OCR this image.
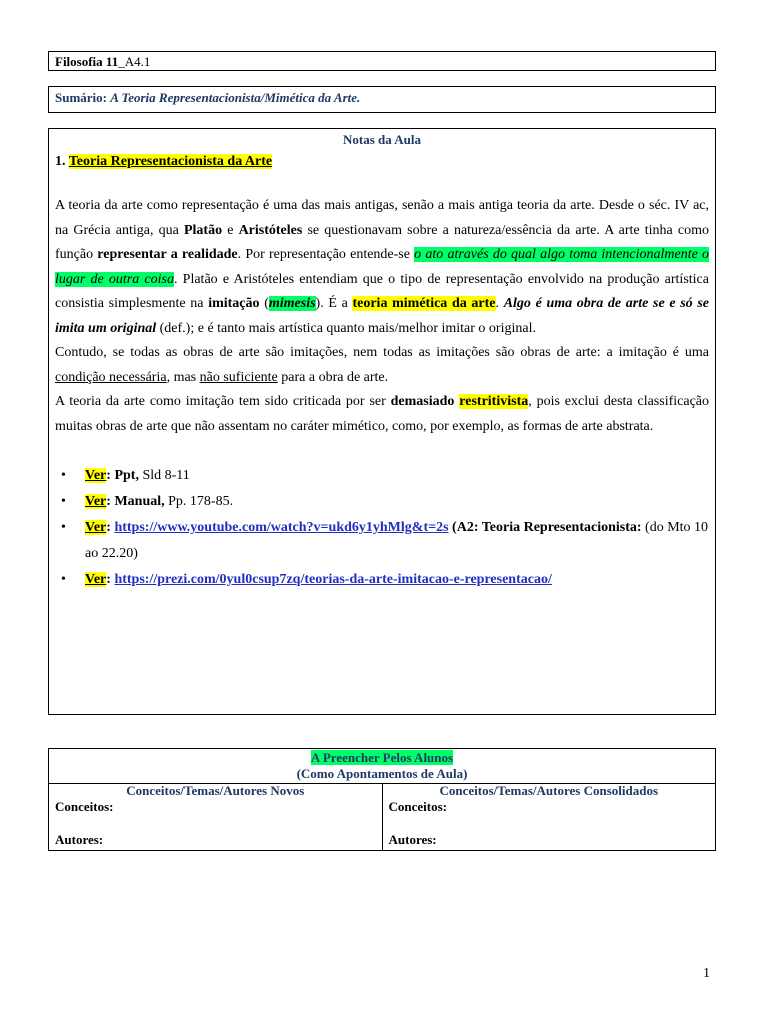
Filosofia 11_A4.1
Sumário: A Teoria Representacionista/Mimética da Arte.
Notas da Aula
1. Teoria Representacionista da Arte

A teoria da arte como representação é uma das mais antigas, senão a mais antiga teoria da arte. Desde o séc. IV ac, na Grécia antiga, qua Platão e Aristóteles se questionavam sobre a natureza/essência da arte. A arte tinha como função representar a realidade. Por representação entende-se o ato através do qual algo toma intencionalmente o lugar de outra coisa. Platão e Aristóteles entendiam que o tipo de representação envolvido na produção artística consistia simplesmente na imitação (mimesis). É a teoria mimética da arte. Algo é uma obra de arte se e só se imita um original (def.); e é tanto mais artística quanto mais/melhor imitar o original.

Contudo, se todas as obras de arte são imitações, nem todas as imitações são obras de arte: a imitação é uma condição necessária, mas não suficiente para a obra de arte.

A teoria da arte como imitação tem sido criticada por ser demasiado restritivista, pois exclui desta classificação muitas obras de arte que não assentam no caráter mimético, como, por exemplo, as formas de arte abstrata.

• Ver: Ppt, Sld 8-11
• Ver: Manual, Pp. 178-85.
• Ver: https://www.youtube.com/watch?v=ukd6y1yhMlg&t=2s (A2: Teoria Representacionista: (do Mto 10 ao 22.20)
• Ver: https://prezi.com/0yul0csup7zq/teorias-da-arte-imitacao-e-representacao/
A Preencher Pelos Alunos
(Como Apontamentos de Aula)
Conceitos/Temas/Autores Novos
Conceitos:
Autores:
Conceitos/Temas/Autores Consolidados
Conceitos:
Autores:
1
